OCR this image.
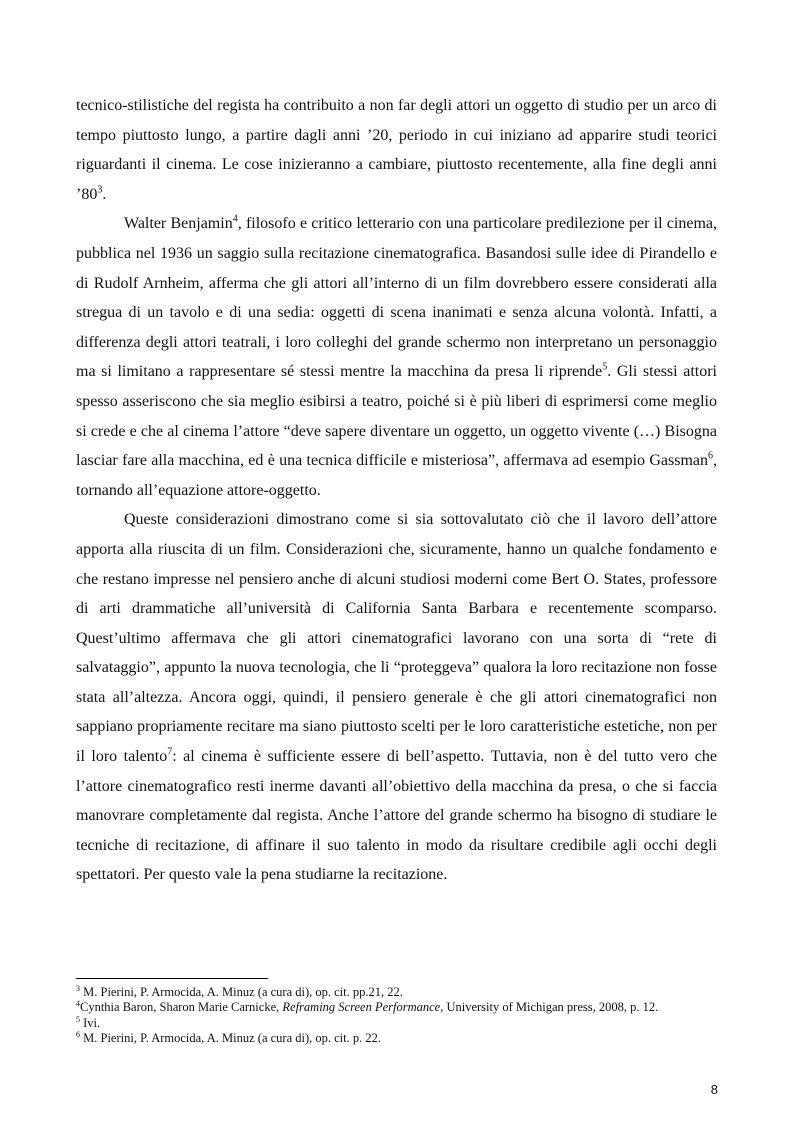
tecnico-stilistiche del regista ha contribuito a non far degli attori un oggetto di studio per un arco di tempo piuttosto lungo, a partire dagli anni ’20, periodo in cui iniziano ad apparire studi teorici riguardanti il cinema. Le cose inizieranno a cambiare, piuttosto recentemente, alla fine degli anni $’80^3$.

Walter Benjamin$^4$, filosofo e critico letterario con una particolare predilezione per il cinema, pubblica nel 1936 un saggio sulla recitazione cinematografica. Basandosi sulle idee di Pirandello e di Rudolf Arnheim, afferma che gli attori all’interno di un film dovrebbero essere considerati alla stregua di un tavolo e di una sedia: oggetti di scena inanimati e senza alcuna volontà. Infatti, a differenza degli attori teatrali, i loro colleghi del grande schermo non interpretano un personaggio ma si limitano a rappresentare sé stessi mentre la macchina da presa li riprende$^5$. Gli stessi attori spesso asseriscono che sia meglio esibirsi a teatro, poiché si è più liberi di esprimersi come meglio si crede e che al cinema l’attore “deve sapere diventare un oggetto, un oggetto vivente (…) Bisogna lasciar fare alla macchina, ed è una tecnica difficile e misteriosa”, affermava ad esempio Gassman$^6$, tornando all’equazione attore-oggetto.

Queste considerazioni dimostrano come si sia sottovalutato ciò che il lavoro dell’attore apporta alla riuscita di un film. Considerazioni che, sicuramente, hanno un qualche fondamento e che restano impresse nel pensiero anche di alcuni studiosi moderni come Bert O. States, professore di arti drammatiche all’università di California Santa Barbara e recentemente scomparso. Quest’ultimo affermava che gli attori cinematografici lavorano con una sorta di “rete di salvataggio”, appunto la nuova tecnologia, che li “proteggeva” qualora la loro recitazione non fosse stata all’altezza. Ancora oggi, quindi, il pensiero generale è che gli attori cinematografici non sappiano propriamente recitare ma siano piuttosto scelti per le loro caratteristiche estetiche, non per il loro talento$^7$: al cinema è sufficiente essere di bell’aspetto. Tuttavia, non è del tutto vero che l’attore cinematografico resti inerme davanti all’obiettivo della macchina da presa, o che si faccia manovrare completamente dal regista. Anche l’attore del grande schermo ha bisogno di studiare le tecniche di recitazione, di affinare il suo talento in modo da risultare credibile agli occhi degli spettatori. Per questo vale la pena studiarne la recitazione.

$^3$ M. Pierini, P. Armocida, A. Minuz (a cura di), op. cit. pp.21, 22.

$^4$Cynthia Baron, Sharon Marie Carnicke, Reframing Screen Performance, University of Michigan press, 2008, p. 12.

$^5$ Ivi.

$^6$ M. Pierini, P. Armocida, A. Minuz (a cura di), op. cit. p. 22.

8
